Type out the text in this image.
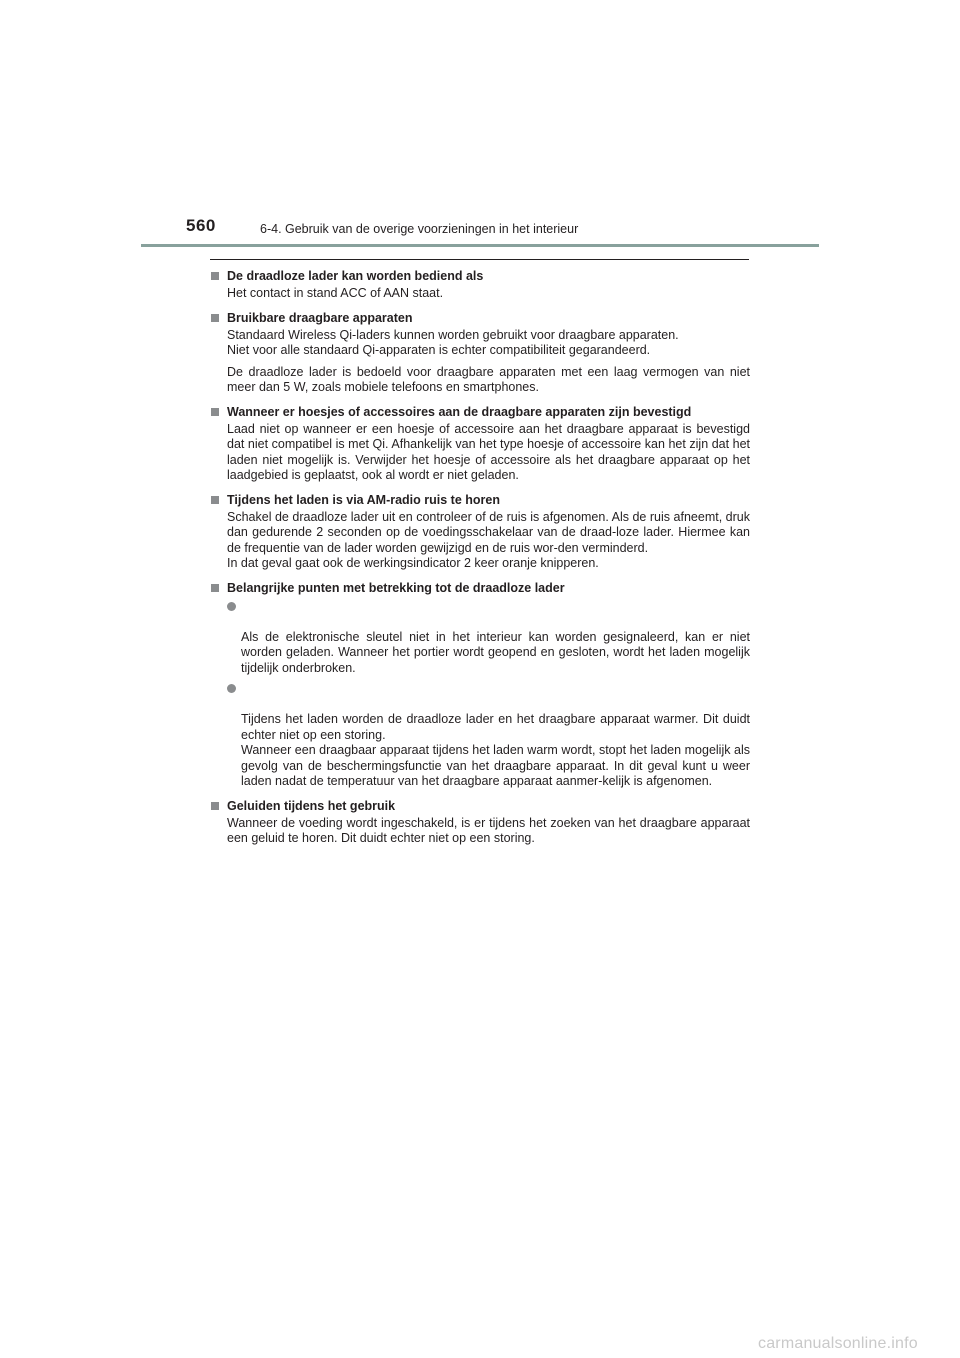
560	6-4. Gebruik van de overige voorzieningen in het interieur
De draadloze lader kan worden bediend als
Het contact in stand ACC of AAN staat.
Bruikbare draagbare apparaten
Standaard Wireless Qi-laders kunnen worden gebruikt voor draagbare apparaten.
Niet voor alle standaard Qi-apparaten is echter compatibiliteit gegarandeerd.
De draadloze lader is bedoeld voor draagbare apparaten met een laag vermogen van niet meer dan 5 W, zoals mobiele telefoons en smartphones.
Wanneer er hoesjes of accessoires aan de draagbare apparaten zijn bevestigd
Laad niet op wanneer er een hoesje of accessoire aan het draagbare apparaat is bevestigd dat niet compatibel is met Qi. Afhankelijk van het type hoesje of accessoire kan het zijn dat het laden niet mogelijk is. Verwijder het hoesje of accessoire als het draagbare apparaat op het laadgebied is geplaatst, ook al wordt er niet geladen.
Tijdens het laden is via AM-radio ruis te horen
Schakel de draadloze lader uit en controleer of de ruis is afgenomen. Als de ruis afneemt, druk dan gedurende 2 seconden op de voedingsschakelaar van de draad-loze lader. Hiermee kan de frequentie van de lader worden gewijzigd en de ruis wor-den verminderd.
In dat geval gaat ook de werkingsindicator 2 keer oranje knipperen.
Belangrijke punten met betrekking tot de draadloze lader

Als de elektronische sleutel niet in het interieur kan worden gesignaleerd, kan er niet worden geladen. Wanneer het portier wordt geopend en gesloten, wordt het laden mogelijk tijdelijk onderbroken.

Tijdens het laden worden de draadloze lader en het draagbare apparaat warmer. Dit duidt echter niet op een storing.
Wanneer een draagbaar apparaat tijdens het laden warm wordt, stopt het laden mogelijk als gevolg van de beschermingsfunctie van het draagbare apparaat. In dit geval kunt u weer laden nadat de temperatuur van het draagbare apparaat aanmer-kelijk is afgenomen.

Geluiden tijdens het gebruik
Wanneer de voeding wordt ingeschakeld, is er tijdens het zoeken van het draagbare apparaat een geluid te horen. Dit duidt echter niet op een storing.
carmanualsonline.info
